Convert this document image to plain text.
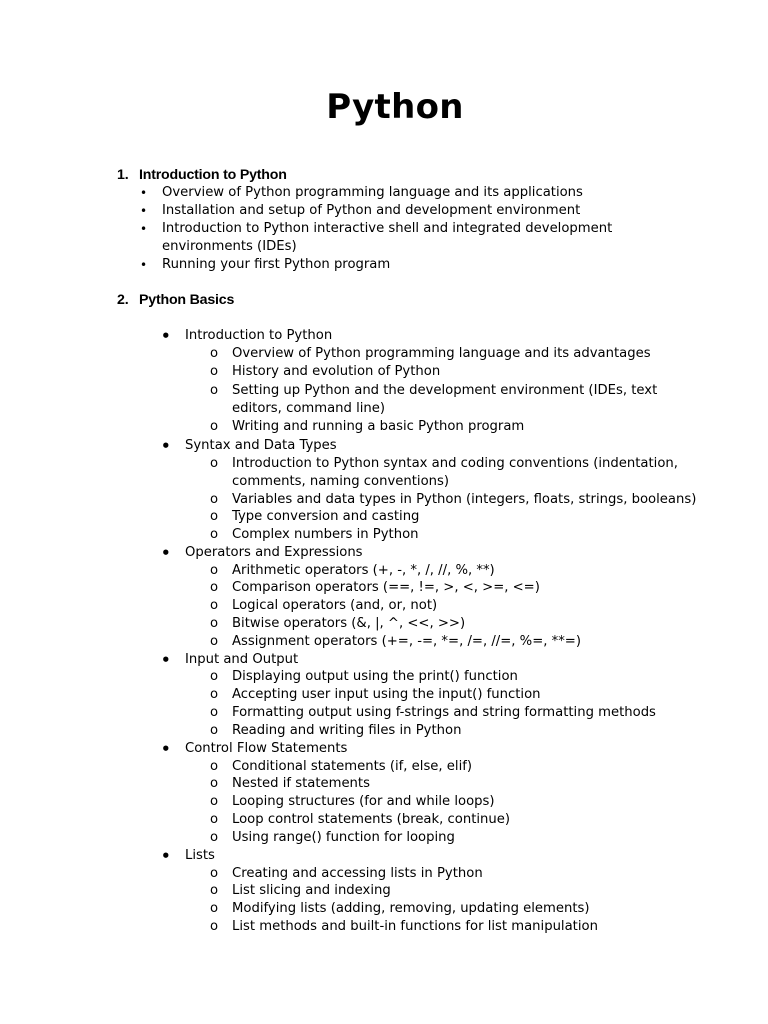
Python
1. Introduction to Python
• Overview of Python programming language and its applications
• Installation and setup of Python and development environment
• Introduction to Python interactive shell and integrated development
environments (IDEs)
• Running your first Python program
2. Python Basics
• Introduction to Python
o Overview of Python programming language and its advantages
o History and evolution of Python
o Setting up Python and the development environment (IDEs, text
editors, command line)
o Writing and running a basic Python program
• Syntax and Data Types
o Introduction to Python syntax and coding conventions (indentation,
comments, naming conventions)
o Variables and data types in Python (integers, floats, strings, booleans)
o Type conversion and casting
o Complex numbers in Python
• Operators and Expressions
o Arithmetic operators (+, -, *, /, //, %, **)
o Comparison operators (==, !=, >, <, >=, <=)
o Logical operators (and, or, not)
o Bitwise operators (&, |, ^, <<, >>)
o Assignment operators (+=, -=, *=, /=, //=, %=, **=)
• Input and Output
o Displaying output using the print() function
o Accepting user input using the input() function
o Formatting output using f-strings and string formatting methods
o Reading and writing files in Python
• Control Flow Statements
o Conditional statements (if, else, elif)
o Nested if statements
o Looping structures (for and while loops)
o Loop control statements (break, continue)
o Using range() function for looping
• Lists
o Creating and accessing lists in Python
o List slicing and indexing
o Modifying lists (adding, removing, updating elements)
o List methods and built-in functions for list manipulation
